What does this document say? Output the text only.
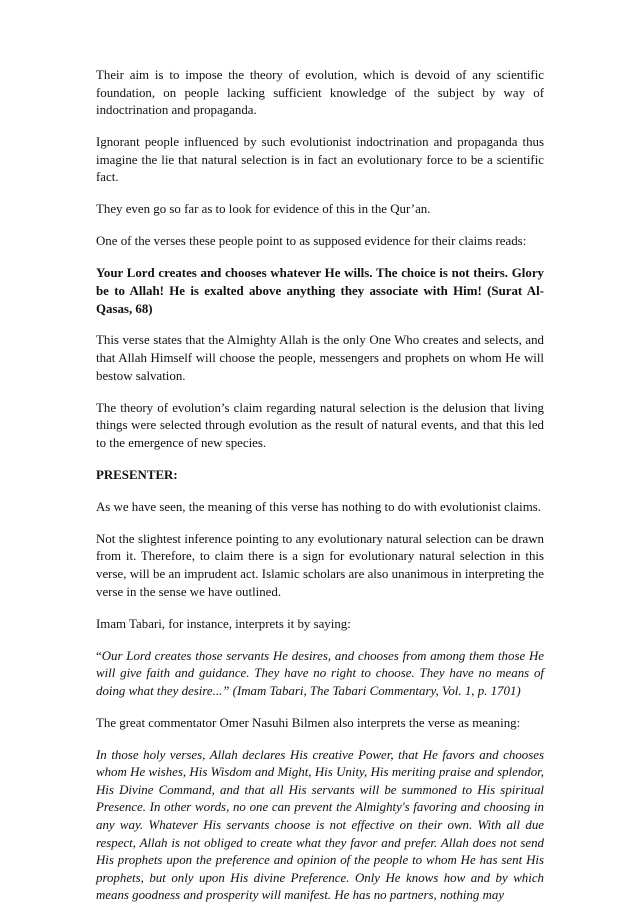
Their aim is to impose the theory of evolution, which is devoid of any scientific foundation, on people lacking sufficient knowledge of the subject by way of indoctrination and propaganda.

Ignorant people influenced by such evolutionist indoctrination and propaganda thus imagine the lie that natural selection is in fact an evolutionary force to be a scientific fact.

They even go so far as to look for evidence of this in the Qur’an.

One of the verses these people point to as supposed evidence for their claims reads:

Your Lord creates and chooses whatever He wills. The choice is not theirs. Glory be to Allah! He is exalted above anything they associate with Him! (Surat Al-Qasas, 68)

This verse states that the Almighty Allah is the only One Who creates and selects, and that Allah Himself will choose the people, messengers and prophets on whom He will bestow salvation.

The theory of evolution’s claim regarding natural selection is the delusion that living things were selected through evolution as the result of natural events, and that this led to the emergence of new species.

PRESENTER:

As we have seen, the meaning of this verse has nothing to do with evolutionist claims.

Not the slightest inference pointing to any evolutionary natural selection can be drawn from it. Therefore, to claim there is a sign for evolutionary natural selection in this verse, will be an imprudent act. Islamic scholars are also unanimous in interpreting the verse in the sense we have outlined.

Imam Tabari, for instance, interprets it by saying:

“Our Lord creates those servants He desires, and chooses from among them those He will give faith and guidance. They have no right to choose. They have no means of doing what they desire...” (Imam Tabari, The Tabari Commentary, Vol. 1, p. 1701)

The great commentator Omer Nasuhi Bilmen also interprets the verse as meaning:

In those holy verses, Allah declares His creative Power, that He favors and chooses whom He wishes, His Wisdom and Might, His Unity, His meriting praise and splendor, His Divine Command, and that all His servants will be summoned to His spiritual Presence. In other words, no one can prevent the Almighty's favoring and choosing in any way. Whatever His servants choose is not effective on their own. With all due respect, Allah is not obliged to create what they favor and prefer. Allah does not send His prophets upon the preference and opinion of the people to whom He has sent His prophets, but only upon His divine Preference. Only He knows how and by which means goodness and prosperity will manifest. He has no partners, nothing may
